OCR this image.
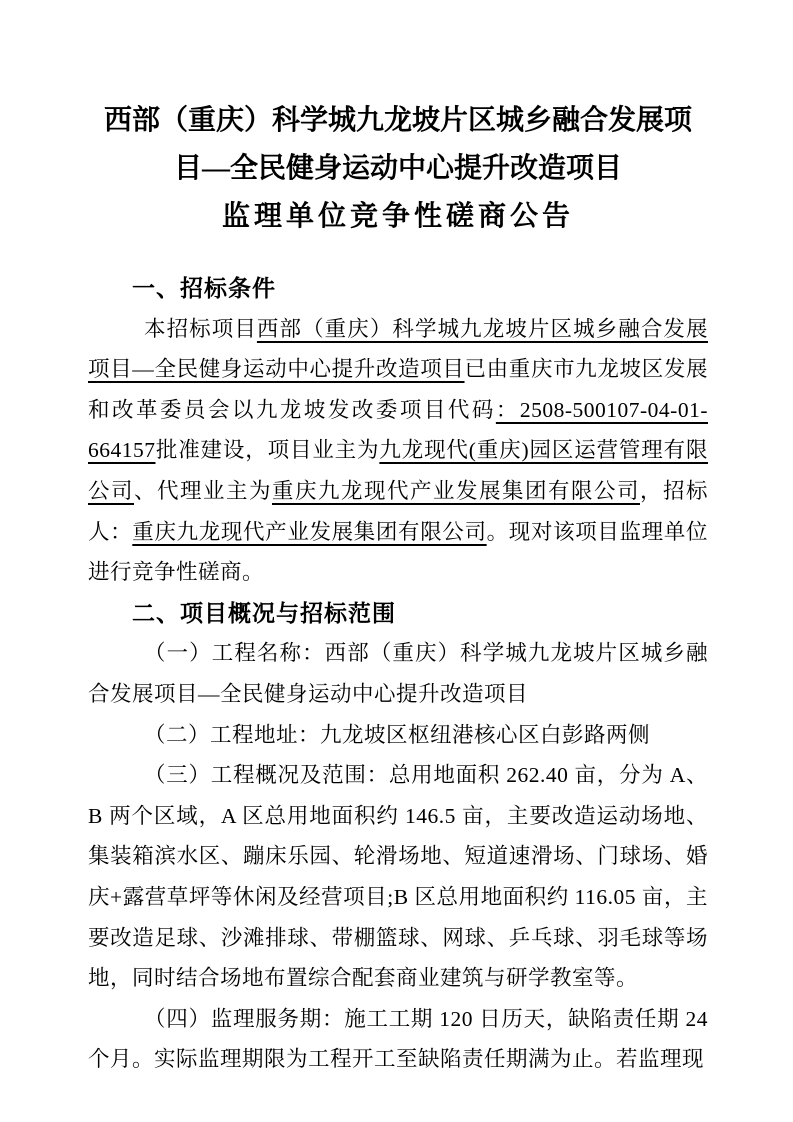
西部（重庆）科学城九龙坡片区城乡融合发展项
目—全民健身运动中心提升改造项目
监理单位竞争性磋商公告
一、招标条件

本招标项目西部（重庆）科学城九龙坡片区城乡融合发展项目—全民健身运动中心提升改造项目已由重庆市九龙坡区发展和改革委员会以九龙坡发改委项目代码：2508-500107-04-01-664157批准建设，项目业主为九龙现代(重庆)园区运营管理有限公司、代理业主为重庆九龙现代产业发展集团有限公司，招标人：重庆九龙现代产业发展集团有限公司。现对该项目监理单位进行竞争性磋商。

二、项目概况与招标范围

（一）工程名称：西部（重庆）科学城九龙坡片区城乡融合发展项目—全民健身运动中心提升改造项目

（二）工程地址：九龙坡区枢纽港核心区白彭路两侧

（三）工程概况及范围：总用地面积 262.40 亩，分为 A、B 两个区域，A 区总用地面积约 146.5 亩，主要改造运动场地、集装箱滨水区、蹦床乐园、轮滑场地、短道速滑场、门球场、婚庆+露营草坪等休闲及经营项目;B 区总用地面积约 116.05 亩，主要改造足球、沙滩排球、带棚篮球、网球、乒乓球、羽毛球等场地，同时结合场地布置综合配套商业建筑与研学教室等。

（四）监理服务期：施工工期 120 日历天，缺陷责任期 24 个月。实际监理期限为工程开工至缺陷责任期满为止。若监理现
